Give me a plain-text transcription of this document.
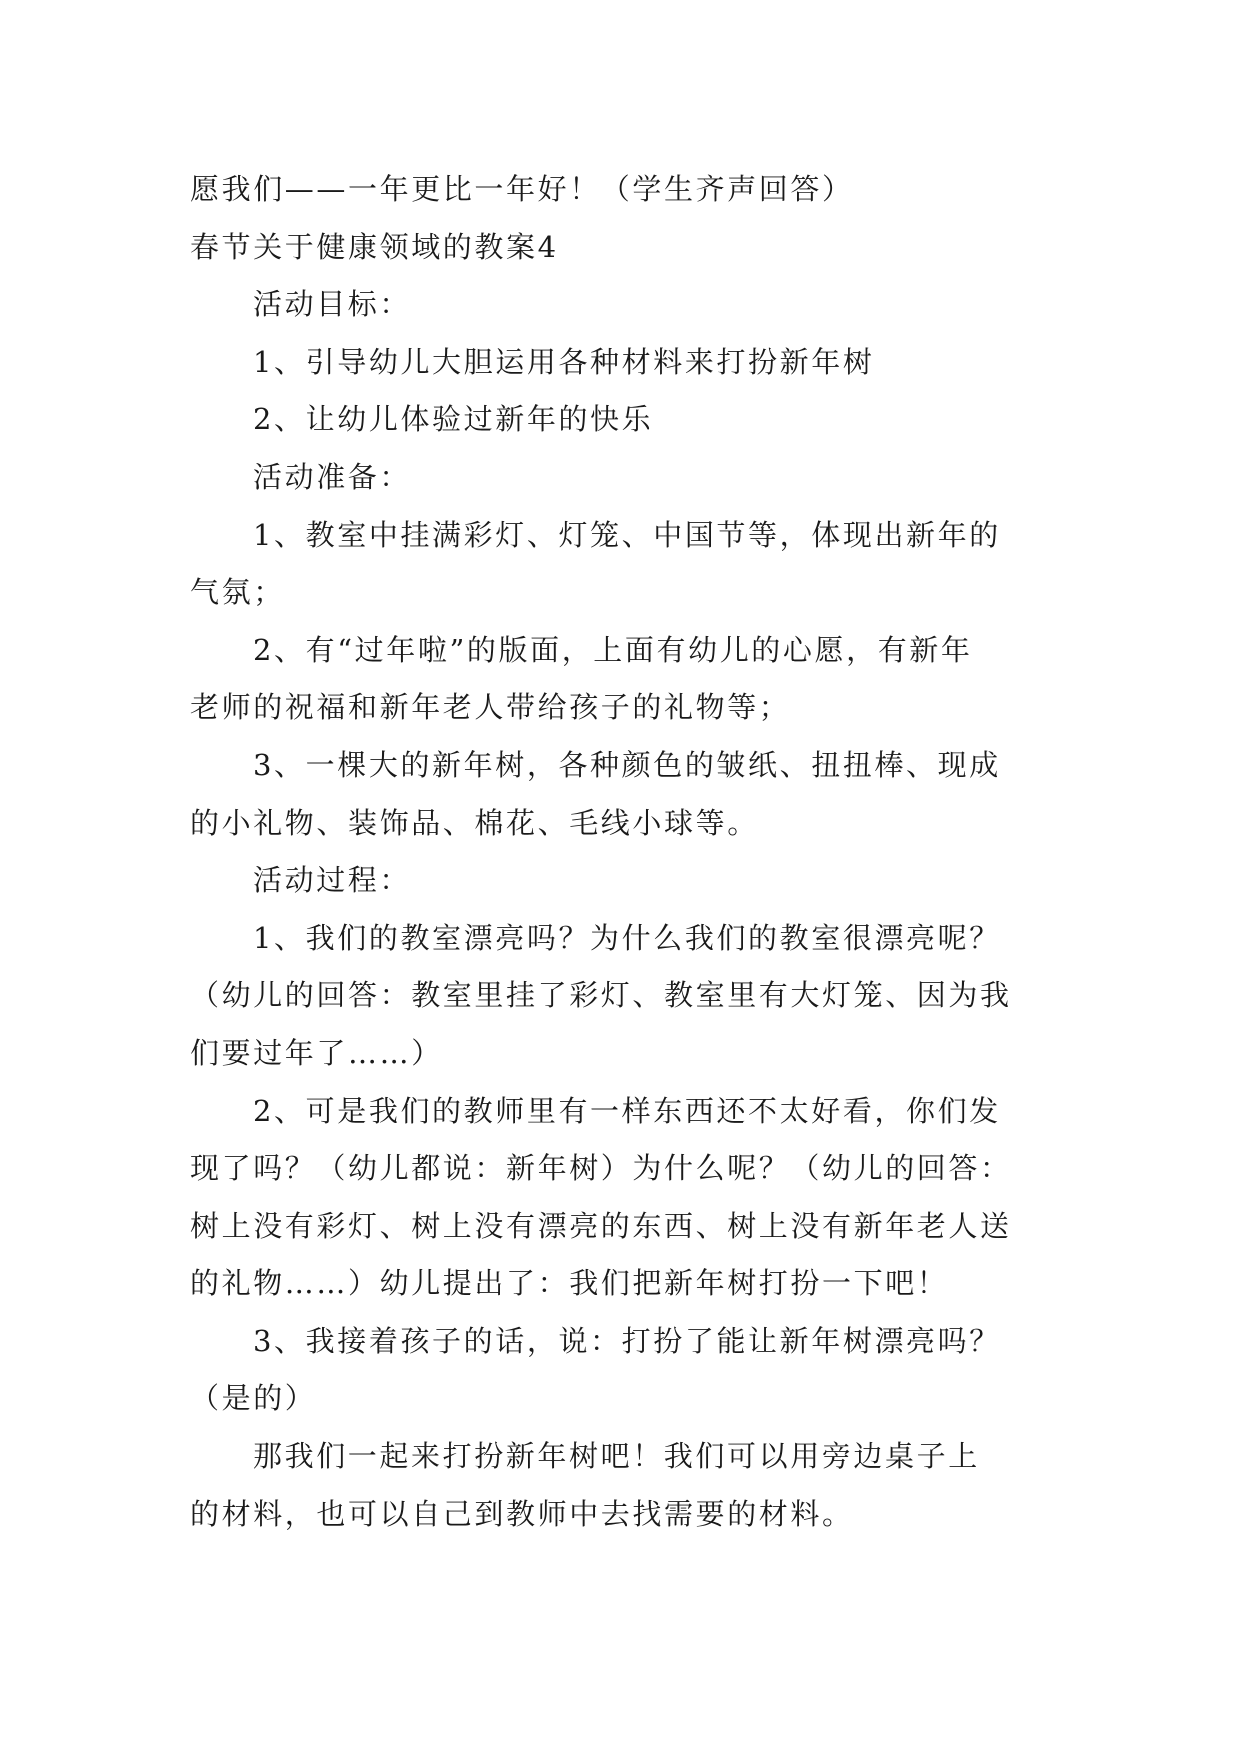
愿我们——一年更比一年好！（学生齐声回答）

春节关于健康领域的教案4

活动目标：

1、引导幼儿大胆运用各种材料来打扮新年树

2、让幼儿体验过新年的快乐

活动准备：

1、教室中挂满彩灯、灯笼、中国节等，体现出新年的

气氛；

2、有“过年啦”的版面，上面有幼儿的心愿，有新年

老师的祝福和新年老人带给孩子的礼物等；

3、一棵大的新年树，各种颜色的皱纸、扭扭棒、现成

的小礼物、装饰品、棉花、毛线小球等。

活动过程：

1、我们的教室漂亮吗？为什么我们的教室很漂亮呢？

（幼儿的回答：教室里挂了彩灯、教室里有大灯笼、因为我

们要过年了……）

2、可是我们的教师里有一样东西还不太好看，你们发

现了吗？（幼儿都说：新年树）为什么呢？（幼儿的回答：

树上没有彩灯、树上没有漂亮的东西、树上没有新年老人送

的礼物……）幼儿提出了：我们把新年树打扮一下吧！

3、我接着孩子的话，说：打扮了能让新年树漂亮吗？

（是的）

那我们一起来打扮新年树吧！我们可以用旁边桌子上

的材料，也可以自己到教师中去找需要的材料。
